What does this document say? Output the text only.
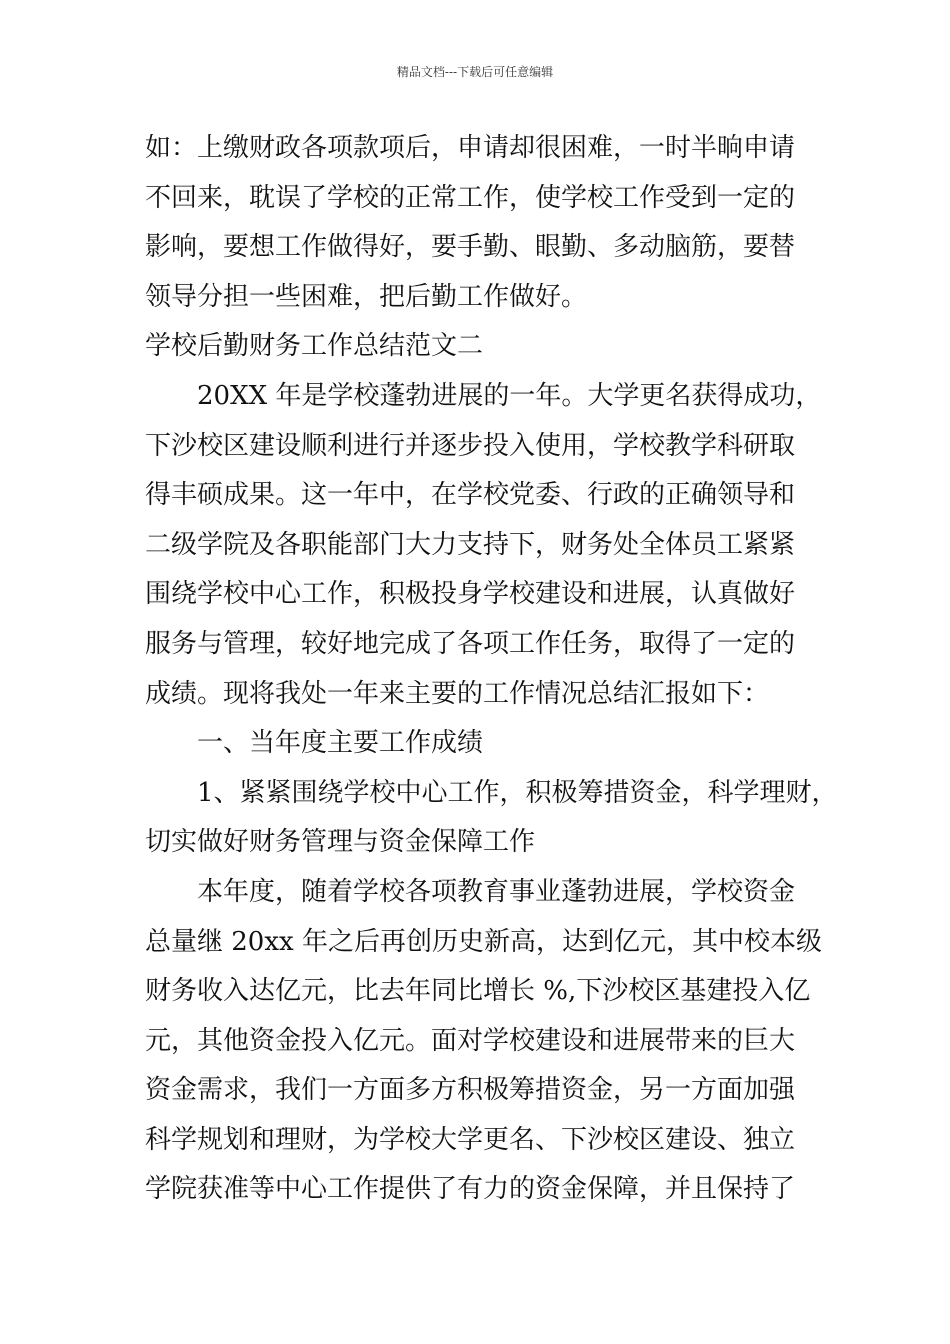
精品文档---下载后可任意编辑
如：上缴财政各项款项后，申请却很困难，一时半晌申请
不回来，耽误了学校的正常工作，使学校工作受到一定的
影响，要想工作做得好，要手勤、眼勤、多动脑筋，要替
领导分担一些困难，把后勤工作做好。
学校后勤财务工作总结范文二
20XX 年是学校蓬勃进展的一年。大学更名获得成功，
下沙校区建设顺利进行并逐步投入使用，学校教学科研取
得丰硕成果。这一年中，在学校党委、行政的正确领导和
二级学院及各职能部门大力支持下，财务处全体员工紧紧
围绕学校中心工作，积极投身学校建设和进展，认真做好
服务与管理，较好地完成了各项工作任务，取得了一定的
成绩。现将我处一年来主要的工作情况总结汇报如下：
一、当年度主要工作成绩
1、紧紧围绕学校中心工作，积极筹措资金，科学理财，
切实做好财务管理与资金保障工作
本年度，随着学校各项教育事业蓬勃进展，学校资金
总量继 20xx 年之后再创历史新高，达到亿元，其中校本级
财务收入达亿元，比去年同比增长 %,下沙校区基建投入亿
元，其他资金投入亿元。面对学校建设和进展带来的巨大
资金需求，我们一方面多方积极筹措资金，另一方面加强
科学规划和理财，为学校大学更名、下沙校区建设、独立
学院获准等中心工作提供了有力的资金保障，并且保持了
